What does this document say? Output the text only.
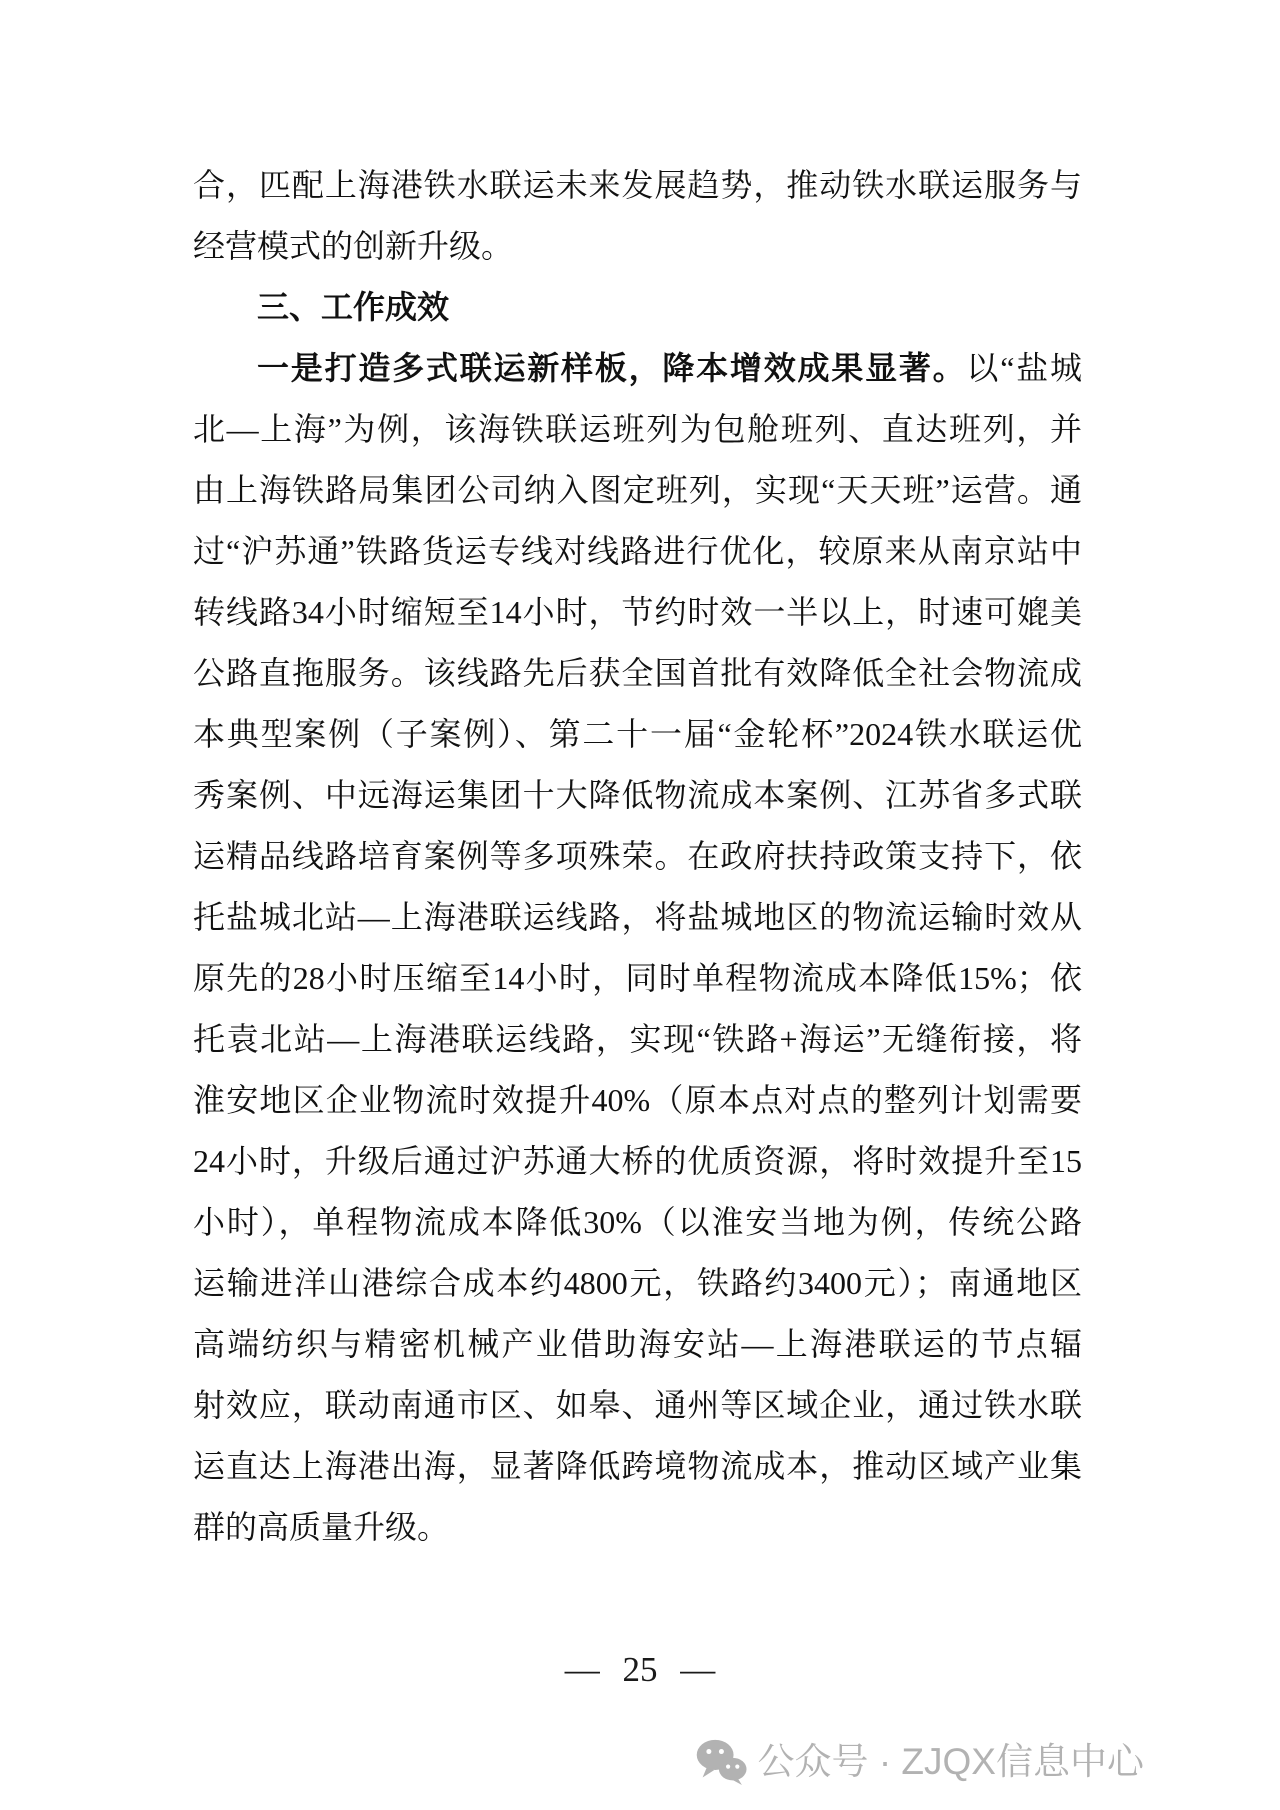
合，匹配上海港铁水联运未来发展趋势，推动铁水联运服务与
经营模式的创新升级。
三、工作成效
一是打造多式联运新样板，降本增效成果显著。以“盐城
北—上海”为例，该海铁联运班列为包舱班列、直达班列，并
由上海铁路局集团公司纳入图定班列，实现“天天班”运营。通
过“沪苏通”铁路货运专线对线路进行优化，较原来从南京站中
转线路34小时缩短至14小时，节约时效一半以上，时速可媲美
公路直拖服务。该线路先后获全国首批有效降低全社会物流成
本典型案例（子案例）、第二十一届“金轮杯”2024铁水联运优
秀案例、中远海运集团十大降低物流成本案例、江苏省多式联
运精品线路培育案例等多项殊荣。在政府扶持政策支持下，依
托盐城北站—上海港联运线路，将盐城地区的物流运输时效从
原先的28小时压缩至14小时，同时单程物流成本降低15%；依
托袁北站—上海港联运线路，实现“铁路+海运”无缝衔接，将
淮安地区企业物流时效提升40%（原本点对点的整列计划需要
24小时，升级后通过沪苏通大桥的优质资源，将时效提升至15
小时），单程物流成本降低30%（以淮安当地为例，传统公路
运输进洋山港综合成本约4800元，铁路约3400元）；南通地区
高端纺织与精密机械产业借助海安站—上海港联运的节点辐
射效应，联动南通市区、如皋、通州等区域企业，通过铁水联
运直达上海港出海，显著降低跨境物流成本，推动区域产业集
群的高质量升级。
— 25 —
公众号 · ZJQX信息中心
